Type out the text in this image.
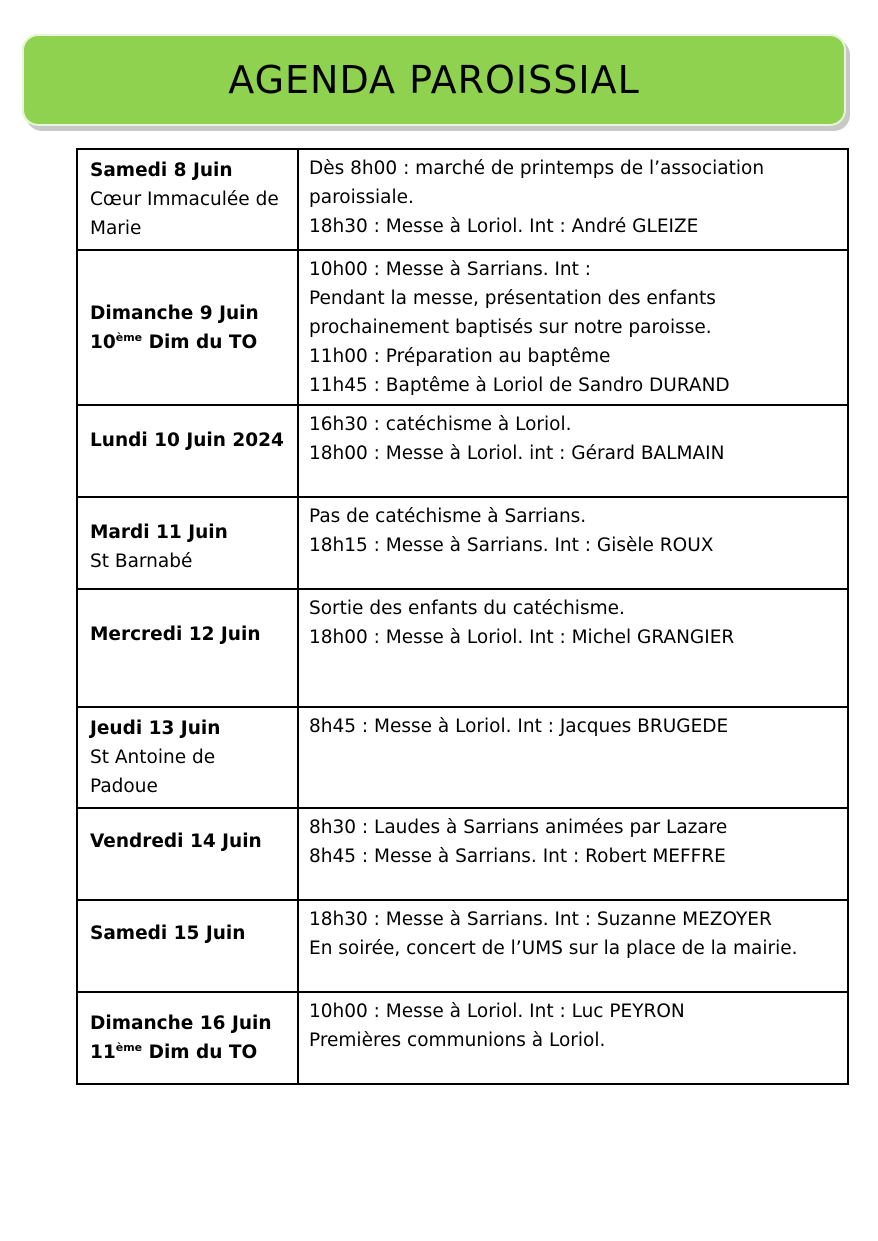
AGENDA PAROISSIAL
Samedi 8 Juin
Cœur Immaculée de Marie	Dès 8h00 : marché de printemps de l’association paroissiale.
18h30 : Messe à Loriol. Int : André GLEIZE

Dimanche 9 Juin
10ème Dim du TO	10h00 : Messe à Sarrians. Int :
Pendant la messe, présentation des enfants prochainement baptisés sur notre paroisse.
11h00 : Préparation au baptême
11h45 : Baptême à Loriol de Sandro DURAND

Lundi 10 Juin 2024	16h30 : catéchisme à Loriol.
18h00 : Messe à Loriol. int : Gérard BALMAIN

Mardi 11 Juin
St Barnabé	Pas de catéchisme à Sarrians.
18h15 : Messe à Sarrians. Int : Gisèle ROUX

Mercredi 12 Juin	Sortie des enfants du catéchisme.
18h00 : Messe à Loriol. Int : Michel GRANGIER

Jeudi 13 Juin
St Antoine de Padoue	8h45 : Messe à Loriol. Int : Jacques BRUGEDE

Vendredi 14 Juin	8h30 : Laudes à Sarrians animées par Lazare
8h45 : Messe à Sarrians. Int : Robert MEFFRE

Samedi 15 Juin	18h30 : Messe à Sarrians. Int : Suzanne MEZOYER
En soirée, concert de l’UMS sur la place de la mairie.

Dimanche 16 Juin
11ème Dim du TO	10h00 : Messe à Loriol. Int : Luc PEYRON
Premières communions à Loriol.
